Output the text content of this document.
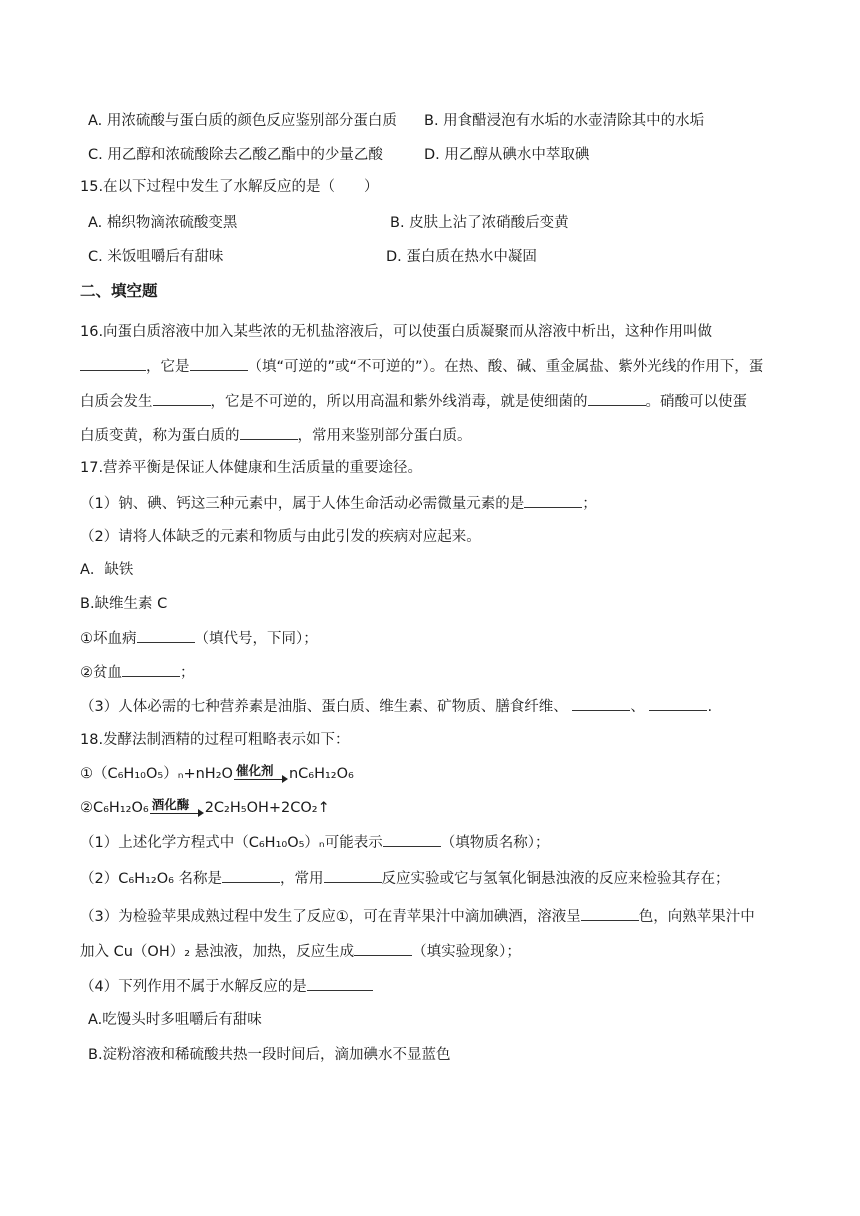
A. 用浓硫酸与蛋白质的颜色反应鉴别部分蛋白质 B. 用食醋浸泡有水垢的水壶清除其中的水垢
C. 用乙醇和浓硫酸除去乙酸乙酯中的少量乙酸	D. 用乙醇从碘水中萃取碘
15.在以下过程中发生了水解反应的是（　　）
A. 棉织物滴浓硫酸变黑	B. 皮肤上沾了浓硝酸后变黄
C. 米饭咀嚼后有甜味	D. 蛋白质在热水中凝固
二、填空题
16.向蛋白质溶液中加入某些浓的无机盐溶液后，可以使蛋白质凝聚而从溶液中析出，这种作用叫做
，它是	（填“可逆的”或“不可逆的”）。在热、酸、碱、重金属盐、紫外光线的作用下，蛋
白质会发生	，它是不可逆的，所以用高温和紫外线消毒，就是使细菌的	。硝酸可以使蛋
白质变黄，称为蛋白质的	，常用来鉴别部分蛋白质。
17.营养平衡是保证人体健康和生活质量的重要途径。
（1）钠、碘、钙这三种元素中，属于人体生命活动必需微量元素的是	；
（2）请将人体缺乏的元素和物质与由此引发的疾病对应起来。
A．缺铁
B.缺维生素 C
①坏血病	（填代号，下同）；
②贫血	；
（3）人体必需的七种营养素是油脂、蛋白质、维生素、矿物质、膳食纤维、	、	.
18.发酵法制酒精的过程可粗略表示如下：
①（C₆H₁₀O₅）ₙ+nH₂O 催化剂 nC₆H₁₂O₆
②C₆H₁₂O₆ 酒化酶 2C₂H₅OH+2CO₂↑
（1）上述化学方程式中（C₆H₁₀O₅）ₙ可能表示	（填物质名称）；
（2）C₆H₁₂O₆ 名称是	，常用	反应实验或它与氢氧化铜悬浊液的反应来检验其存在；
（3）为检验苹果成熟过程中发生了反应①，可在青苹果汁中滴加碘酒，溶液呈	色，向熟苹果汁中
加入 Cu（OH）₂ 悬浊液，加热，反应生成	（填实验现象）；
（4）下列作用不属于水解反应的是
A.吃馒头时多咀嚼后有甜味
B.淀粉溶液和稀硫酸共热一段时间后，滴加碘水不显蓝色
